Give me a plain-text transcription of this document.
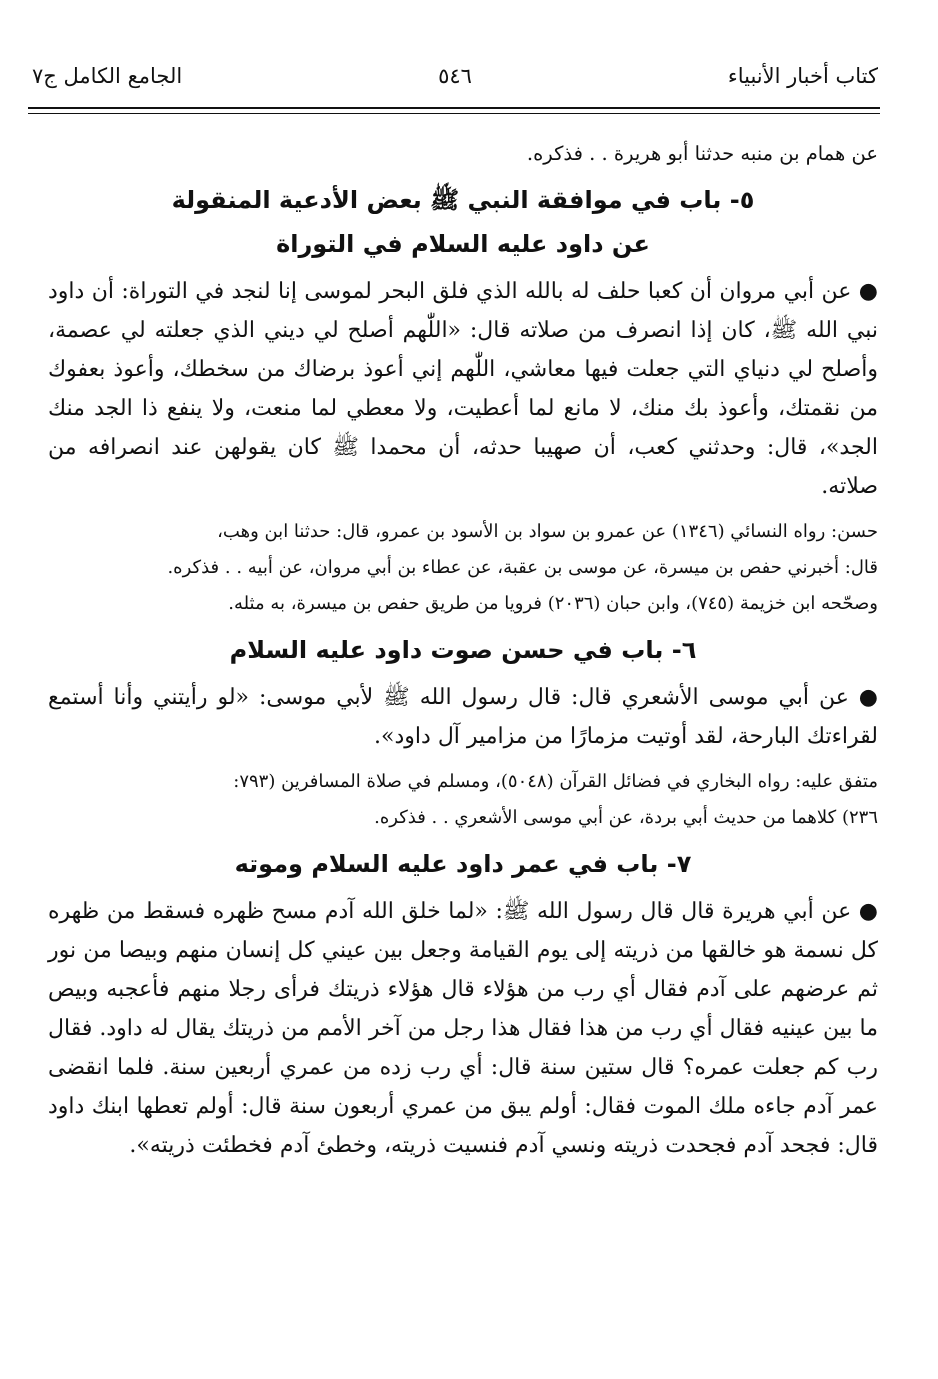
كتاب أخبار الأنبياء
٥٤٦
الجامع الكامل ج٧

عن همام بن منبه حدثنا أبو هريرة . . فذكره.

٥- باب في موافقة النبي ﷺ بعض الأدعية المنقولة
عن داود عليه السلام في التوراة

● عن أبي مروان أن كعبا حلف له بالله الذي فلق البحر لموسى إنا لنجد في التوراة: أن داود نبي الله ﷺ، كان إذا انصرف من صلاته قال: «اللّٰهم أصلح لي ديني الذي جعلته لي عصمة، وأصلح لي دنياي التي جعلت فيها معاشي، اللّٰهم إني أعوذ برضاك من سخطك، وأعوذ بعفوك من نقمتك، وأعوذ بك منك، لا مانع لما أعطيت، ولا معطي لما منعت، ولا ينفع ذا الجد منك الجد»، قال: وحدثني كعب، أن صهيبا حدثه، أن محمدا ﷺ كان يقولهن عند انصرافه من صلاته.

حسن: رواه النسائي (١٣٤٦) عن عمرو بن سواد بن الأسود بن عمرو، قال: حدثنا ابن وهب،

قال: أخبرني حفص بن ميسرة، عن موسى بن عقبة، عن عطاء بن أبي مروان، عن أبيه . . فذكره.

وصحّحه ابن خزيمة (٧٤٥)، وابن حبان (٢٠٣٦) فرويا من طريق حفص بن ميسرة، به مثله.

٦- باب في حسن صوت داود عليه السلام

● عن أبي موسى الأشعري قال: قال رسول الله ﷺ لأبي موسى: «لو رأيتني وأنا أستمع لقراءتك البارحة، لقد أوتيت مزمارًا من مزامير آل داود».

متفق عليه: رواه البخاري في فضائل القرآن (٥٠٤٨)، ومسلم في صلاة المسافرين (٧٩٣:

٢٣٦) كلاهما من حديث أبي بردة، عن أبي موسى الأشعري . . فذكره.

٧- باب في عمر داود عليه السلام وموته

● عن أبي هريرة قال قال رسول الله ﷺ: «لما خلق الله آدم مسح ظهره فسقط من ظهره كل نسمة هو خالقها من ذريته إلى يوم القيامة وجعل بين عيني كل إنسان منهم وبيصا من نور ثم عرضهم على آدم فقال أي رب من هؤلاء قال هؤلاء ذريتك فرأى رجلا منهم فأعجبه وبيص ما بين عينيه فقال أي رب من هذا فقال هذا رجل من آخر الأمم من ذريتك يقال له داود. فقال رب كم جعلت عمره؟ قال ستين سنة قال: أي رب زده من عمري أربعين سنة. فلما انقضى عمر آدم جاءه ملك الموت فقال: أولم يبق من عمري أربعون سنة قال: أولم تعطها ابنك داود قال: فجحد آدم فجحدت ذريته ونسي آدم فنسيت ذريته، وخطئ آدم فخطئت ذريته».
